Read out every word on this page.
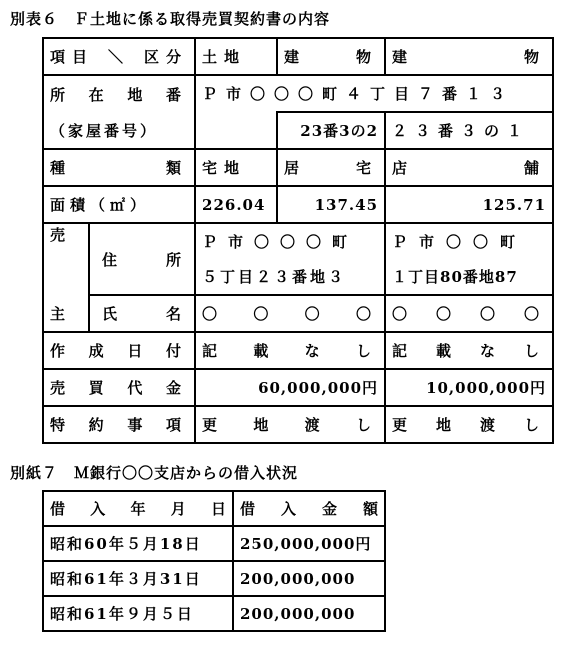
別表６　Ｆ土地に係る取得売買契約書の内容
項目 ＼ 区分		土地	建物	建物
所在地番		Ｐ市〇〇〇町４丁目７番１３		
（家屋番号）			23番3の2	２３番３の１

種 類		宅地	居 宅	店 舗

面積（㎡）		226.04	137.45	125.71
売	住 所	Ｐ市〇〇〇町		Ｐ市〇〇町
		５丁目２３番地３		１丁目80番地87
主	氏 名	〇〇〇〇		〇〇〇〇
作成日付		記載なし		記載なし
売買代金		60,000,000円		10,000,000円
特約事項		更地渡し		更地渡し
別紙７　Ｍ銀行〇〇支店からの借入状況
借入年月日	借入金額
昭和60年５月18日	250,000,000円
昭和61年３月31日	200,000,000
昭和61年９月５日	200,000,000
